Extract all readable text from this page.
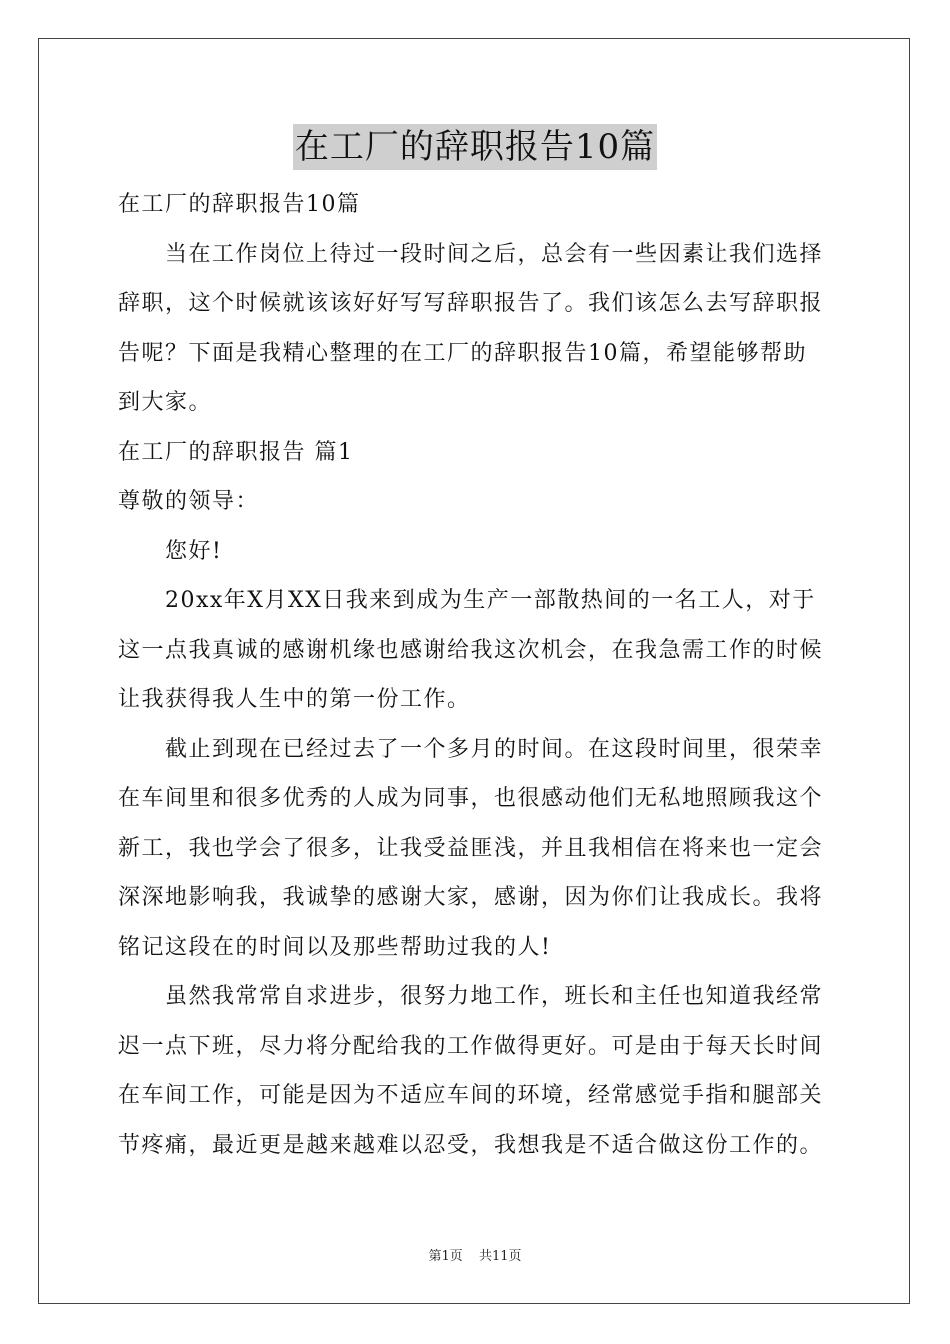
在工厂的辞职报告10篇
在工厂的辞职报告10篇
当在工作岗位上待过一段时间之后，总会有一些因素让我们选择
辞职，这个时候就该该好好写写辞职报告了。我们该怎么去写辞职报
告呢？下面是我精心整理的在工厂的辞职报告10篇，希望能够帮助
到大家。
在工厂的辞职报告 篇1
尊敬的领导：
您好!
20xx年X月XX日我来到成为生产一部散热间的一名工人，对于
这一点我真诚的感谢机缘也感谢给我这次机会，在我急需工作的时候
让我获得我人生中的第一份工作。
截止到现在已经过去了一个多月的时间。在这段时间里，很荣幸
在车间里和很多优秀的人成为同事，也很感动他们无私地照顾我这个
新工，我也学会了很多，让我受益匪浅，并且我相信在将来也一定会
深深地影响我，我诚挚的感谢大家，感谢，因为你们让我成长。我将
铭记这段在的时间以及那些帮助过我的人!
虽然我常常自求进步，很努力地工作，班长和主任也知道我经常
迟一点下班，尽力将分配给我的工作做得更好。可是由于每天长时间
在车间工作，可能是因为不适应车间的环境，经常感觉手指和腿部关
节疼痛，最近更是越来越难以忍受，我想我是不适合做这份工作的。
第1页 共11页
